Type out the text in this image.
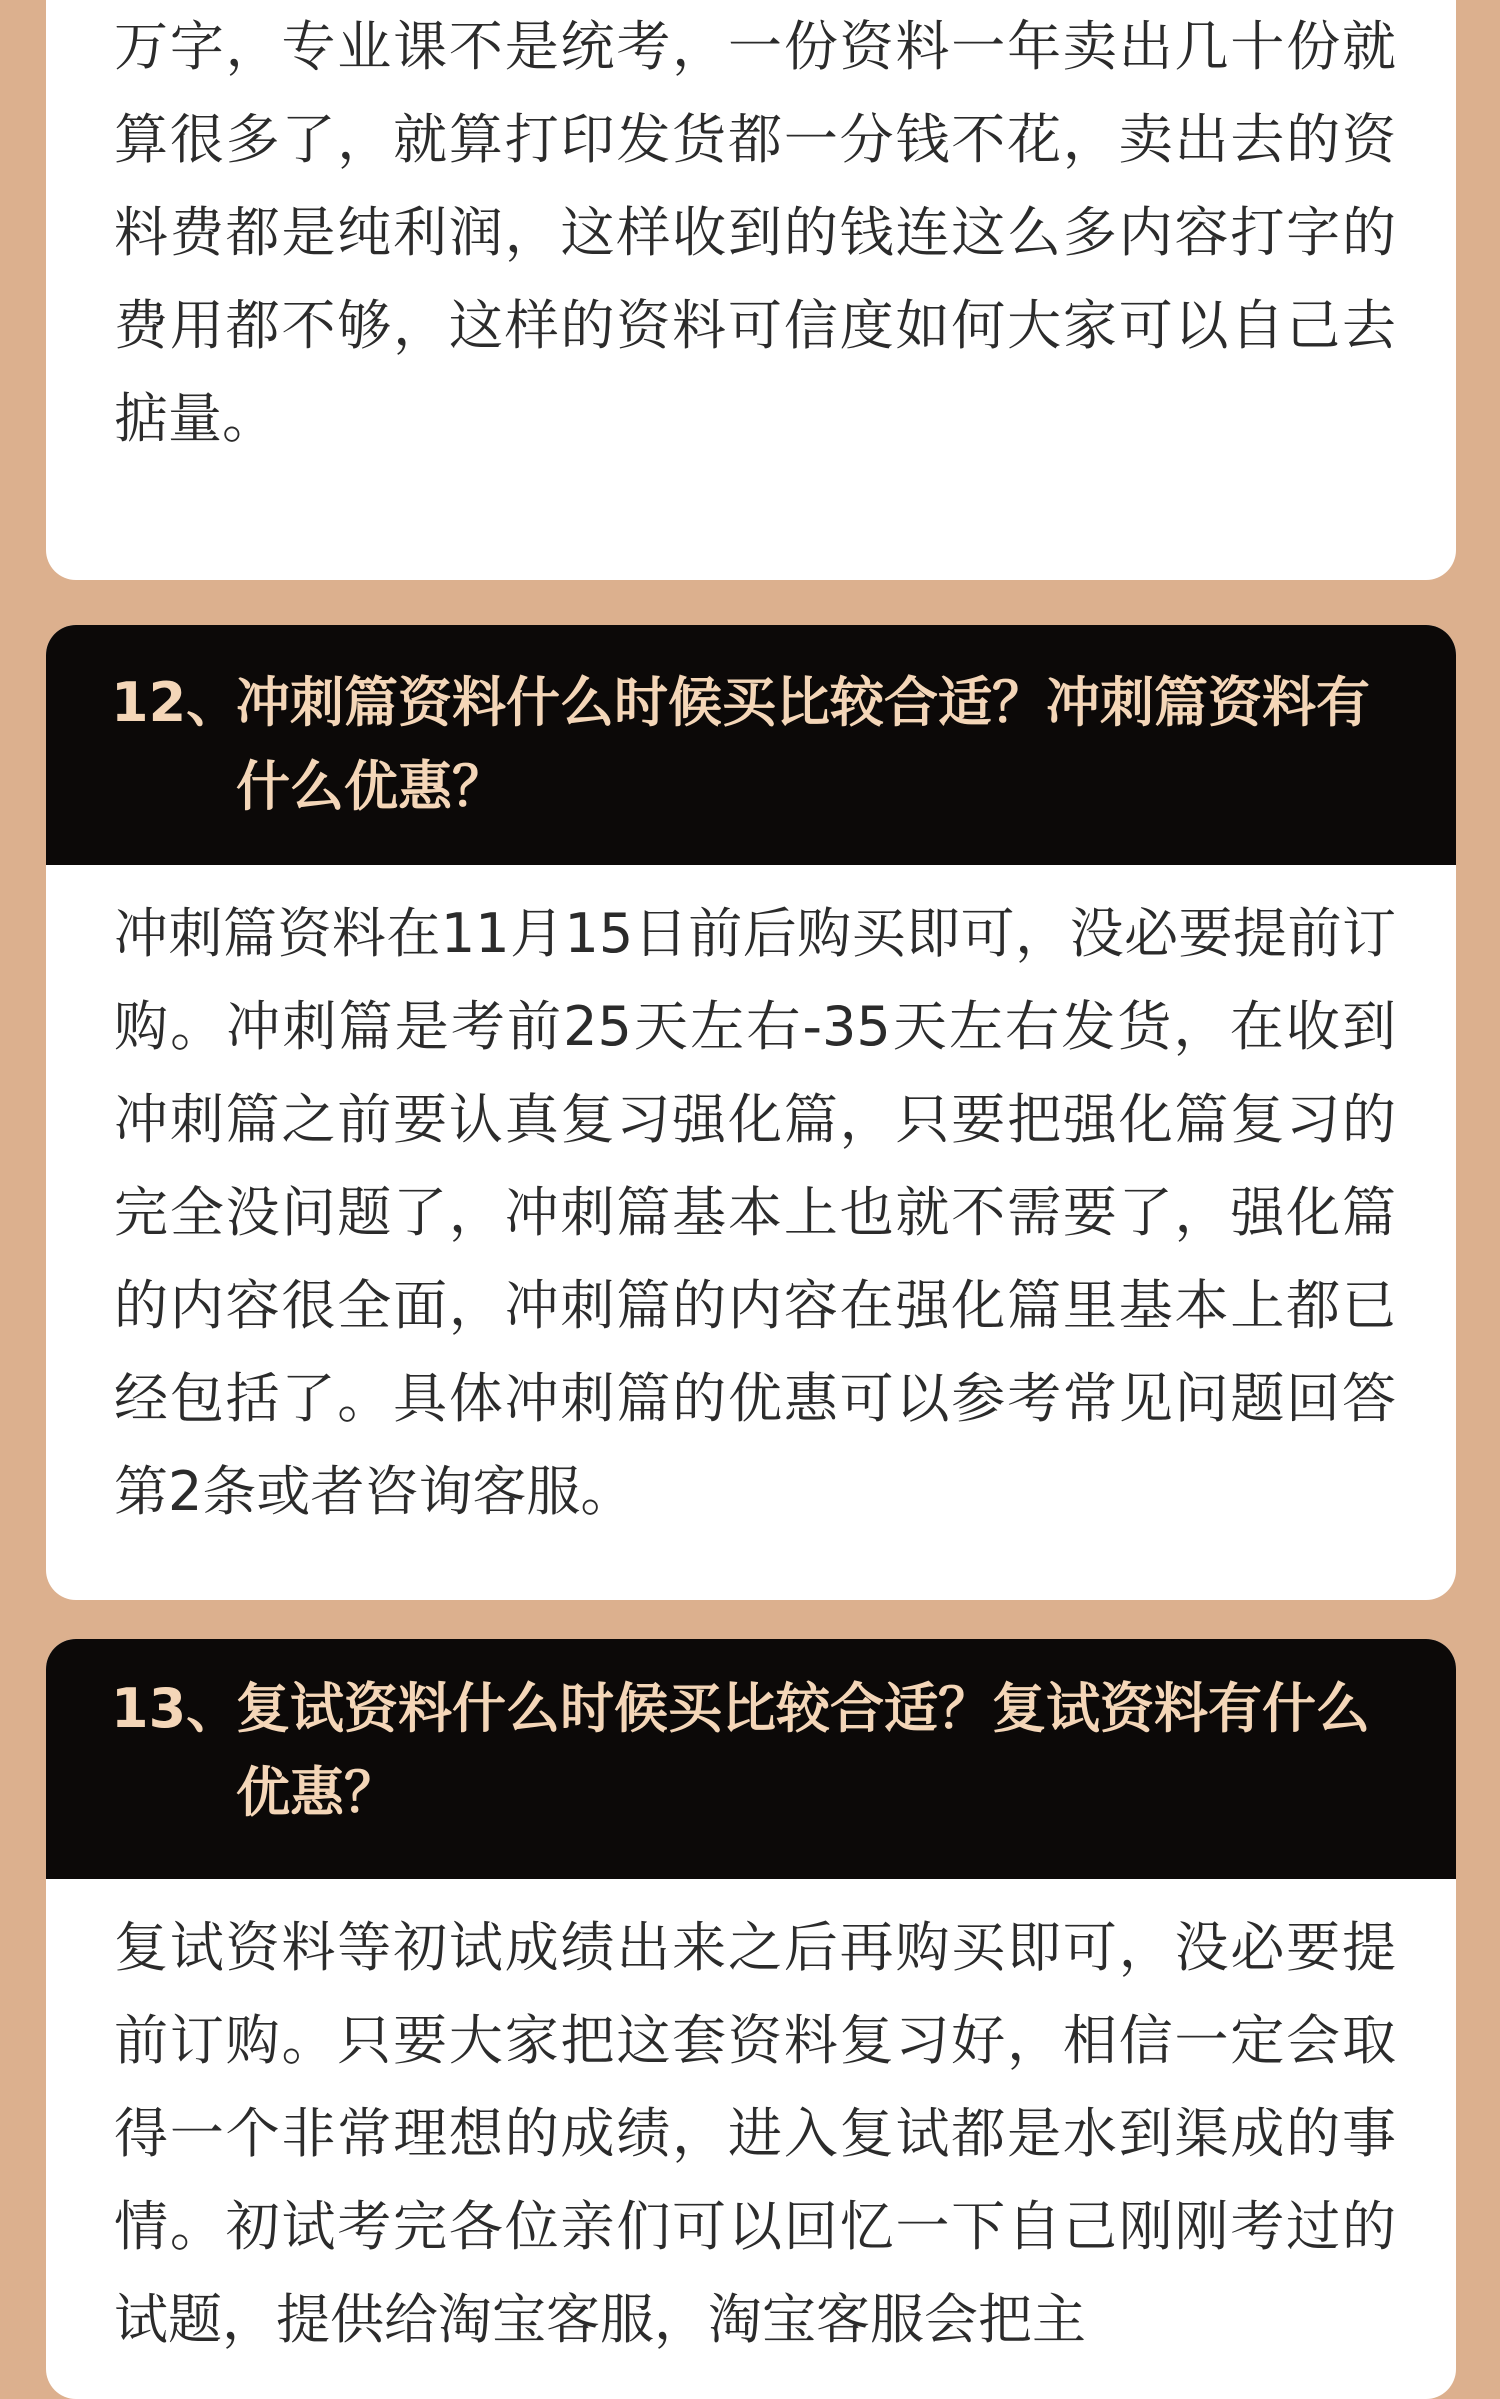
万字，专业课不是统考，一份资料一年卖出几十份就算很多了，就算打印发货都一分钱不花，卖出去的资料费都是纯利润，这样收到的钱连这么多内容打字的费用都不够，这样的资料可信度如何大家可以自己去掂量。
12、
冲刺篇资料什么时候买比较合适？冲刺篇资料有什么优惠？
冲刺篇资料在11月15日前后购买即可，没必要提前订购。冲刺篇是考前25天左右-35天左右发货，在收到冲刺篇之前要认真复习强化篇，只要把强化篇复习的完全没问题了，冲刺篇基本上也就不需要了，强化篇的内容很全面，冲刺篇的内容在强化篇里基本上都已经包括了。具体冲刺篇的优惠可以参考常见问题回答第2条或者咨询客服。
13、
复试资料什么时候买比较合适？复试资料有什么优惠？
复试资料等初试成绩出来之后再购买即可，没必要提前订购。只要大家把这套资料复习好，相信一定会取得一个非常理想的成绩，进入复试都是水到渠成的事情。初试考完各位亲们可以回忆一下自己刚刚考过的试题，提供给淘宝客服，淘宝客服会把主
